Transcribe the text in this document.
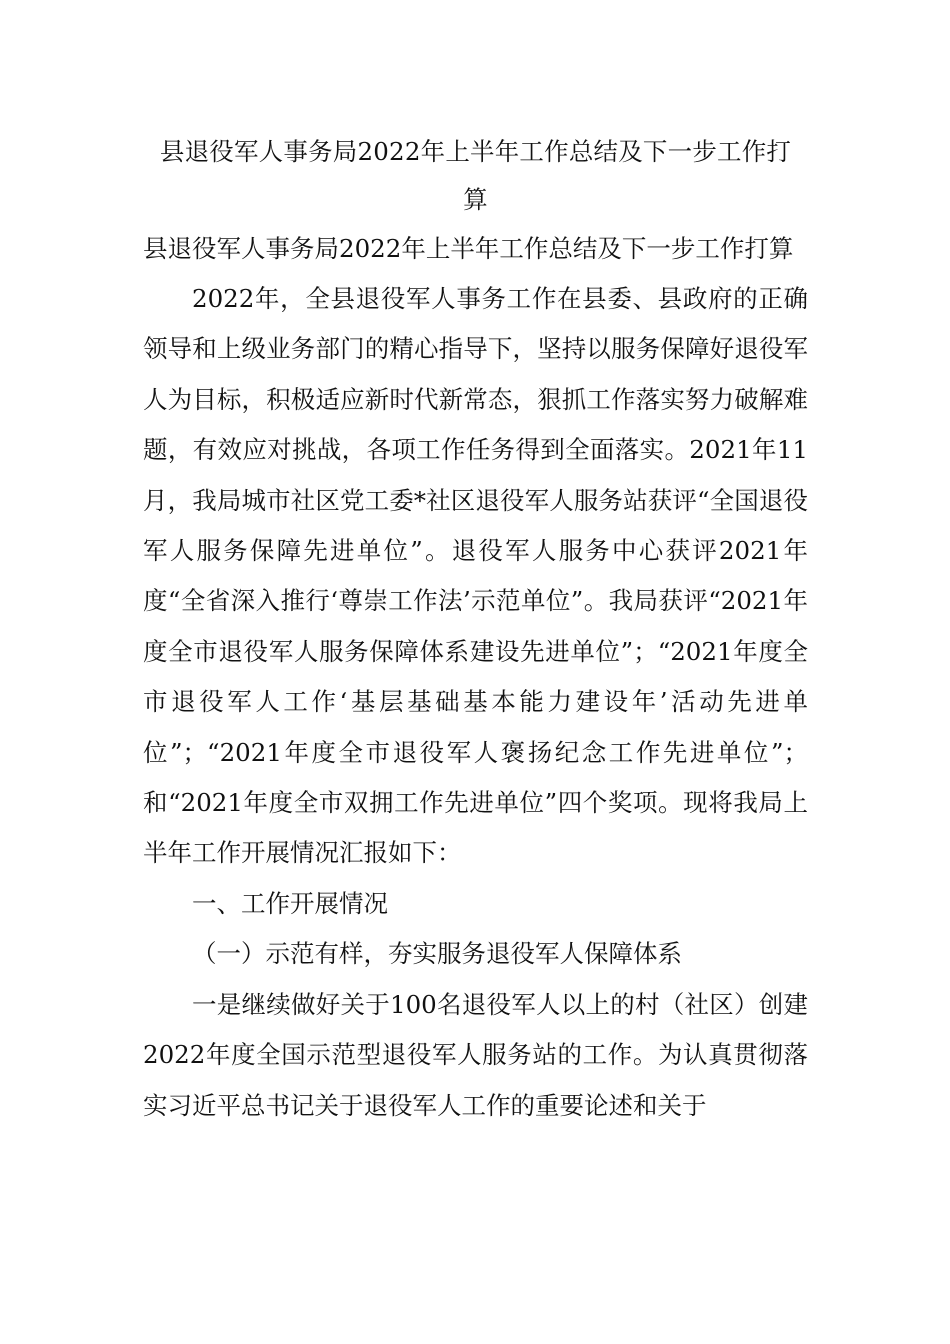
县退役军人事务局2022年上半年工作总结及下一步工作打
算

县退役军人事务局2022年上半年工作总结及下一步工作打算

2022年，全县退役军人事务工作在县委、县政府的正确领导和上级业务部门的精心指导下，坚持以服务保障好退役军人为目标，积极适应新时代新常态，狠抓工作落实努力破解难题，有效应对挑战，各项工作任务得到全面落实。2021年11月，我局城市社区党工委*社区退役军人服务站获评“全国退役军人服务保障先进单位”。退役军人服务中心获评2021年度“全省深入推行‘尊崇工作法’示范单位”。我局获评“2021年度全市退役军人服务保障体系建设先进单位”；“2021年度全市退役军人工作‘基层基础基本能力建设年’活动先进单位”；“2021年度全市退役军人褒扬纪念工作先进单位”；和“2021年度全市双拥工作先进单位”四个奖项。现将我局上半年工作开展情况汇报如下：

一、工作开展情况

（一）示范有样，夯实服务退役军人保障体系

一是继续做好关于100名退役军人以上的村（社区）创建2022年度全国示范型退役军人服务站的工作。为认真贯彻落实习近平总书记关于退役军人工作的重要论述和关于
